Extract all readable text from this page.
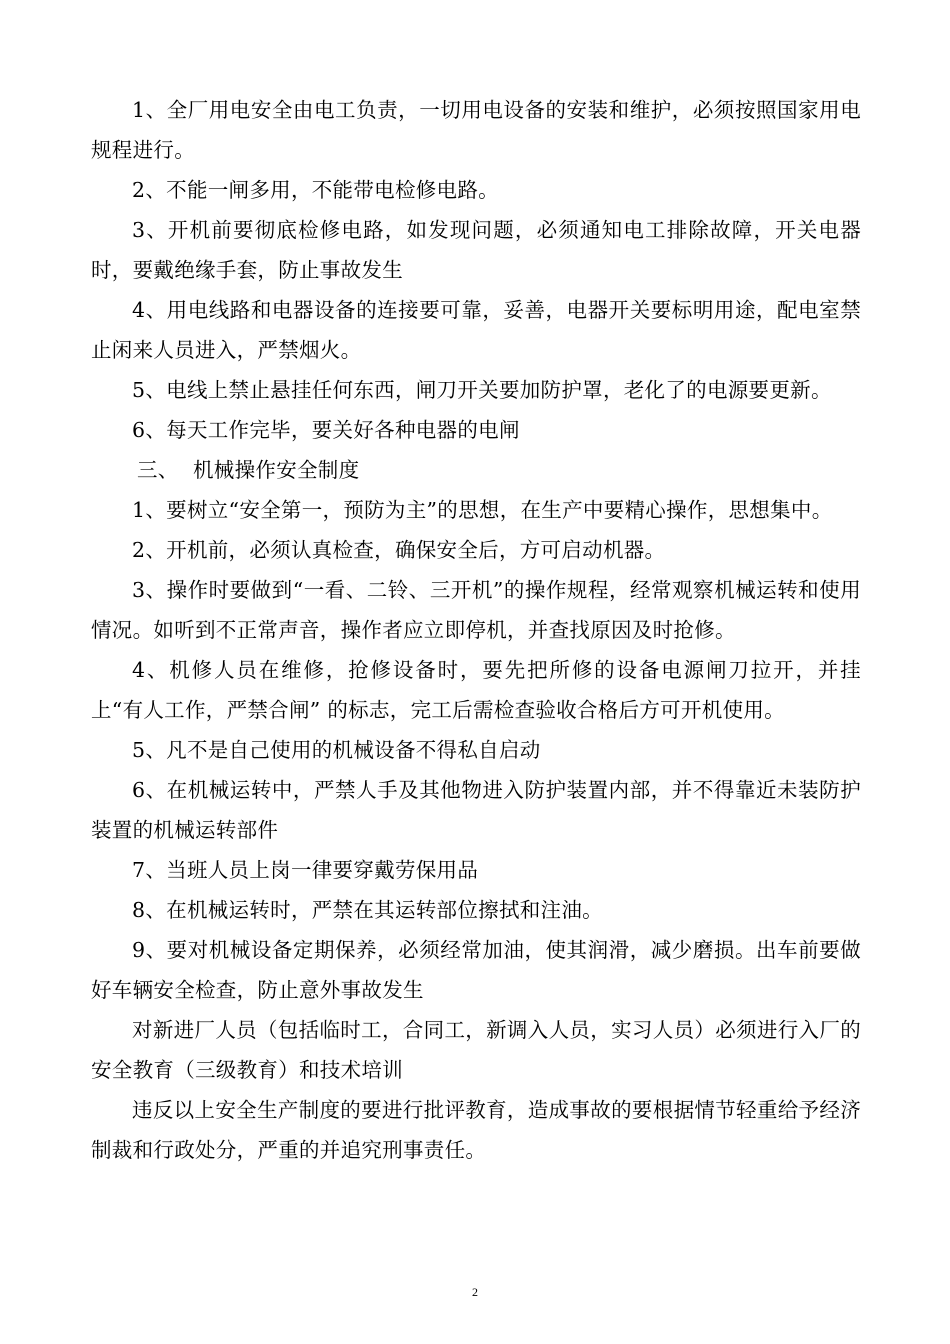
1、全厂用电安全由电工负责，一切用电设备的安装和维护，必须按照国家用电规程进行。

2、不能一闸多用，不能带电检修电路。

3、开机前要彻底检修电路，如发现问题，必须通知电工排除故障，开关电器时，要戴绝缘手套，防止事故发生

4、用电线路和电器设备的连接要可靠，妥善，电器开关要标明用途，配电室禁止闲来人员进入，严禁烟火。

5、电线上禁止悬挂任何东西，闸刀开关要加防护罩，老化了的电源要更新。

6、每天工作完毕，要关好各种电器的电闸

三、 机械操作安全制度

1、要树立“安全第一，预防为主”的思想，在生产中要精心操作，思想集中。

2、开机前，必须认真检查，确保安全后，方可启动机器。

3、操作时要做到“一看、二铃、三开机”的操作规程，经常观察机械运转和使用情况。如听到不正常声音，操作者应立即停机，并查找原因及时抢修。

4、机修人员在维修，抢修设备时，要先把所修的设备电源闸刀拉开，并挂上“有人工作，严禁合闸” 的标志，完工后需检查验收合格后方可开机使用。

5、凡不是自己使用的机械设备不得私自启动

6、在机械运转中，严禁人手及其他物进入防护装置内部，并不得靠近未装防护装置的机械运转部件

7、当班人员上岗一律要穿戴劳保用品

8、在机械运转时，严禁在其运转部位擦拭和注油。

9、要对机械设备定期保养，必须经常加油，使其润滑，减少磨损。出车前要做好车辆安全检查，防止意外事故发生

对新进厂人员（包括临时工，合同工，新调入人员，实习人员）必须进行入厂的安全教育（三级教育）和技术培训

违反以上安全生产制度的要进行批评教育，造成事故的要根据情节轻重给予经济制裁和行政处分，严重的并追究刑事责任。

2
